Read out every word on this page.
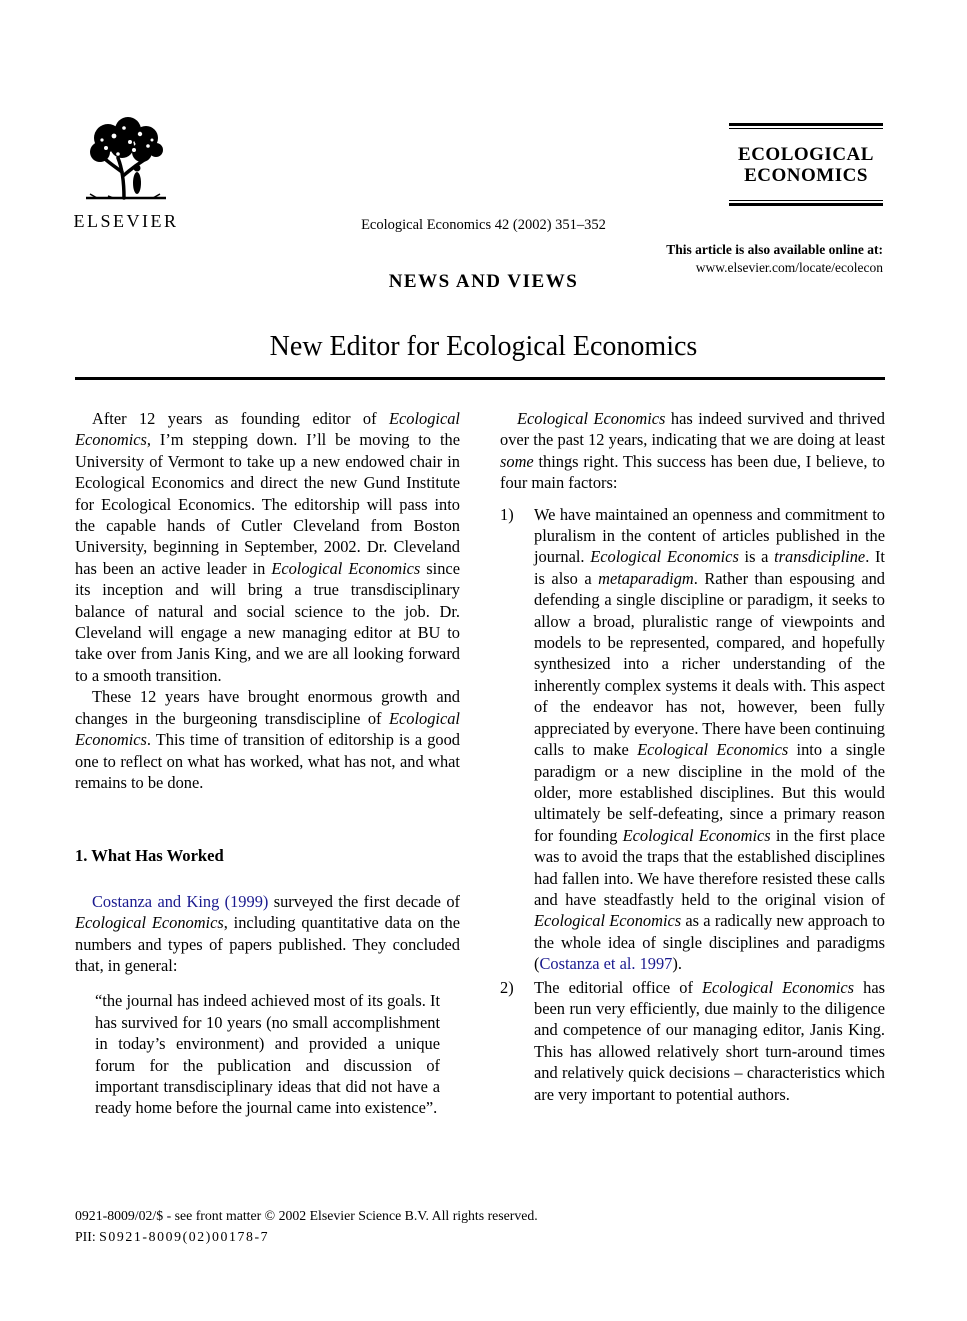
ELSEVIER	Ecological Economics 42 (2002) 351–352
ECOLOGICAL
ECONOMICS
This article is also available online at:
www.elsevier.com/locate/ecolecon
NEWS AND VIEWS
New Editor for Ecological Economics

After 12 years as founding editor of Ecological Economics, I’m stepping down. I’ll be moving to the University of Vermont to take up a new endowed chair in Ecological Economics and direct the new Gund Institute for Ecological Economics. The editorship will pass into the capable hands of Cutler Cleveland from Boston University, beginning in September, 2002. Dr. Cleveland has been an active leader in Ecological Economics since its inception and will bring a true transdisciplinary balance of natural and social science to the job. Dr. Cleveland will engage a new managing editor at BU to take over from Janis King, and we are all looking forward to a smooth transition.

These 12 years have brought enormous growth and changes in the burgeoning transdiscipline of Ecological Economics. This time of transition of editorship is a good one to reflect on what has worked, what has not, and what remains to be done.

1. What Has Worked

Costanza and King (1999) surveyed the first decade of Ecological Economics, including quantitative data on the numbers and types of papers published. They concluded that, in general:

“the journal has indeed achieved most of its goals. It has survived for 10 years (no small accomplishment in today’s environment) and provided a unique forum for the publication and discussion of important transdisciplinary ideas that did not have a ready home before the journal came into existence”.

Ecological Economics has indeed survived and thrived over the past 12 years, indicating that we are doing at least some things right. This success has been due, I believe, to four main factors:

1)	We have maintained an openness and commitment to pluralism in the content of articles published in the journal. Ecological Economics is a transdicipline. It is also a metaparadigm. Rather than espousing and defending a single discipline or paradigm, it seeks to allow a broad, pluralistic range of viewpoints and models to be represented, compared, and hopefully synthesized into a richer understanding of the inherently complex systems it deals with. This aspect of the endeavor has not, however, been fully appreciated by everyone. There have been continuing calls to make Ecological Economics into a single paradigm or a new discipline in the mold of the older, more established disciplines. But this would ultimately be self-defeating, since a primary reason for founding Ecological Economics in the first place was to avoid the traps that the established disciplines had fallen into. We have therefore resisted these calls and have steadfastly held to the original vision of Ecological Economics as a radically new approach to the whole idea of single disciplines and paradigms (Costanza et al. 1997).
2)	The editorial office of Ecological Economics has been run very efficiently, due mainly to the diligence and competence of our managing editor, Janis King. This has allowed relatively short turn-around times and relatively quick decisions – characteristics which are very important to potential authors.
0921-8009/02/$ - see front matter © 2002 Elsevier Science B.V. All rights reserved.
PII: S0921-8009(02)00178-7
